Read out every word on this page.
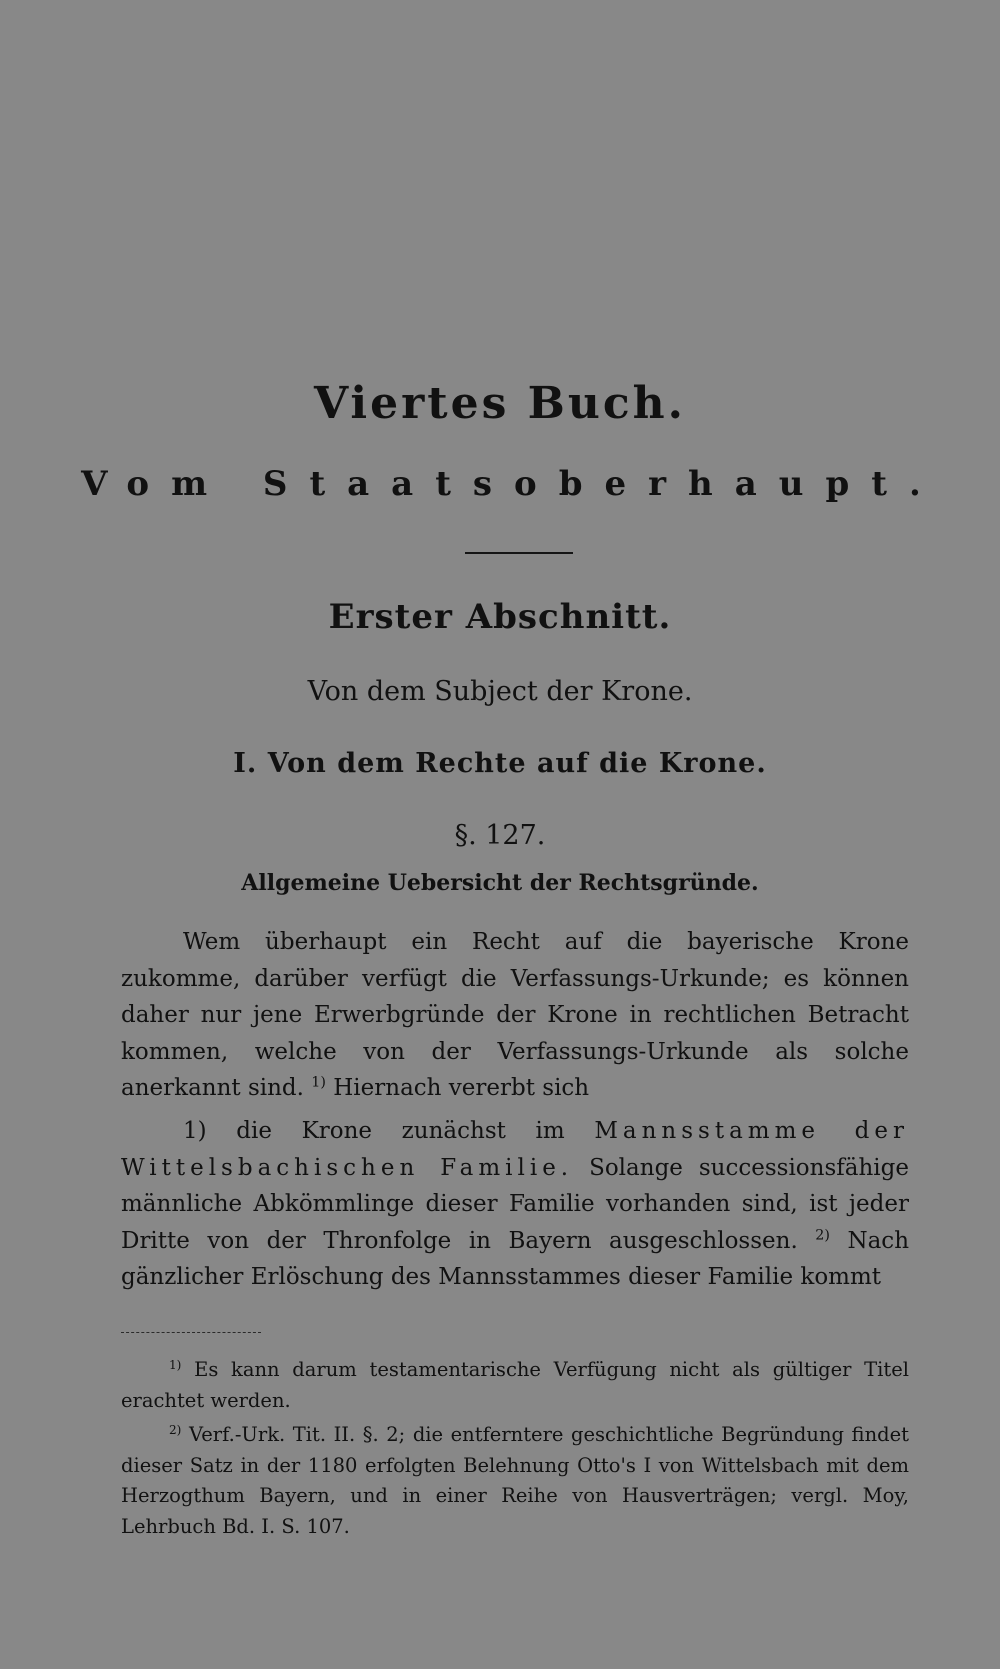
Viertes Buch.
Vom Staatsoberhaupt.
Erster Abschnitt.
Von dem Subject der Krone.
I. Von dem Rechte auf die Krone.
§. 127.
Allgemeine Uebersicht der Rechtsgründe.
Wem überhaupt ein Recht auf die bayerische Krone zukomme, darüber verfügt die Verfassungs-Urkunde; es können daher nur jene Erwerbgründe der Krone in rechtlichen Betracht kommen, welche von der Verfassungs-Urkunde als solche anerkannt sind. $^{1)}$ Hiernach vererbt sich
1) die Krone zunächst im Mannsstamme der Wittelsbachischen Familie. Solange successionsfähige männliche Abkömmlinge dieser Familie vorhanden sind, ist jeder Dritte von der Thronfolge in Bayern ausgeschlossen. $^{2)}$ Nach gänzlicher Erlöschung des Mannsstammes dieser Familie kommt
$^{1)}$ Es kann darum testamentarische Verfügung nicht als gültiger Titel erachtet werden.
$^{2)}$ Verf.-Urk. Tit. II. §. 2; die entferntere geschichtliche Begründung findet dieser Satz in der 1180 erfolgten Belehnung Otto's I von Wittelsbach mit dem Herzogthum Bayern, und in einer Reihe von Hausverträgen; vergl. Moy, Lehrbuch Bd. I. S. 107.
